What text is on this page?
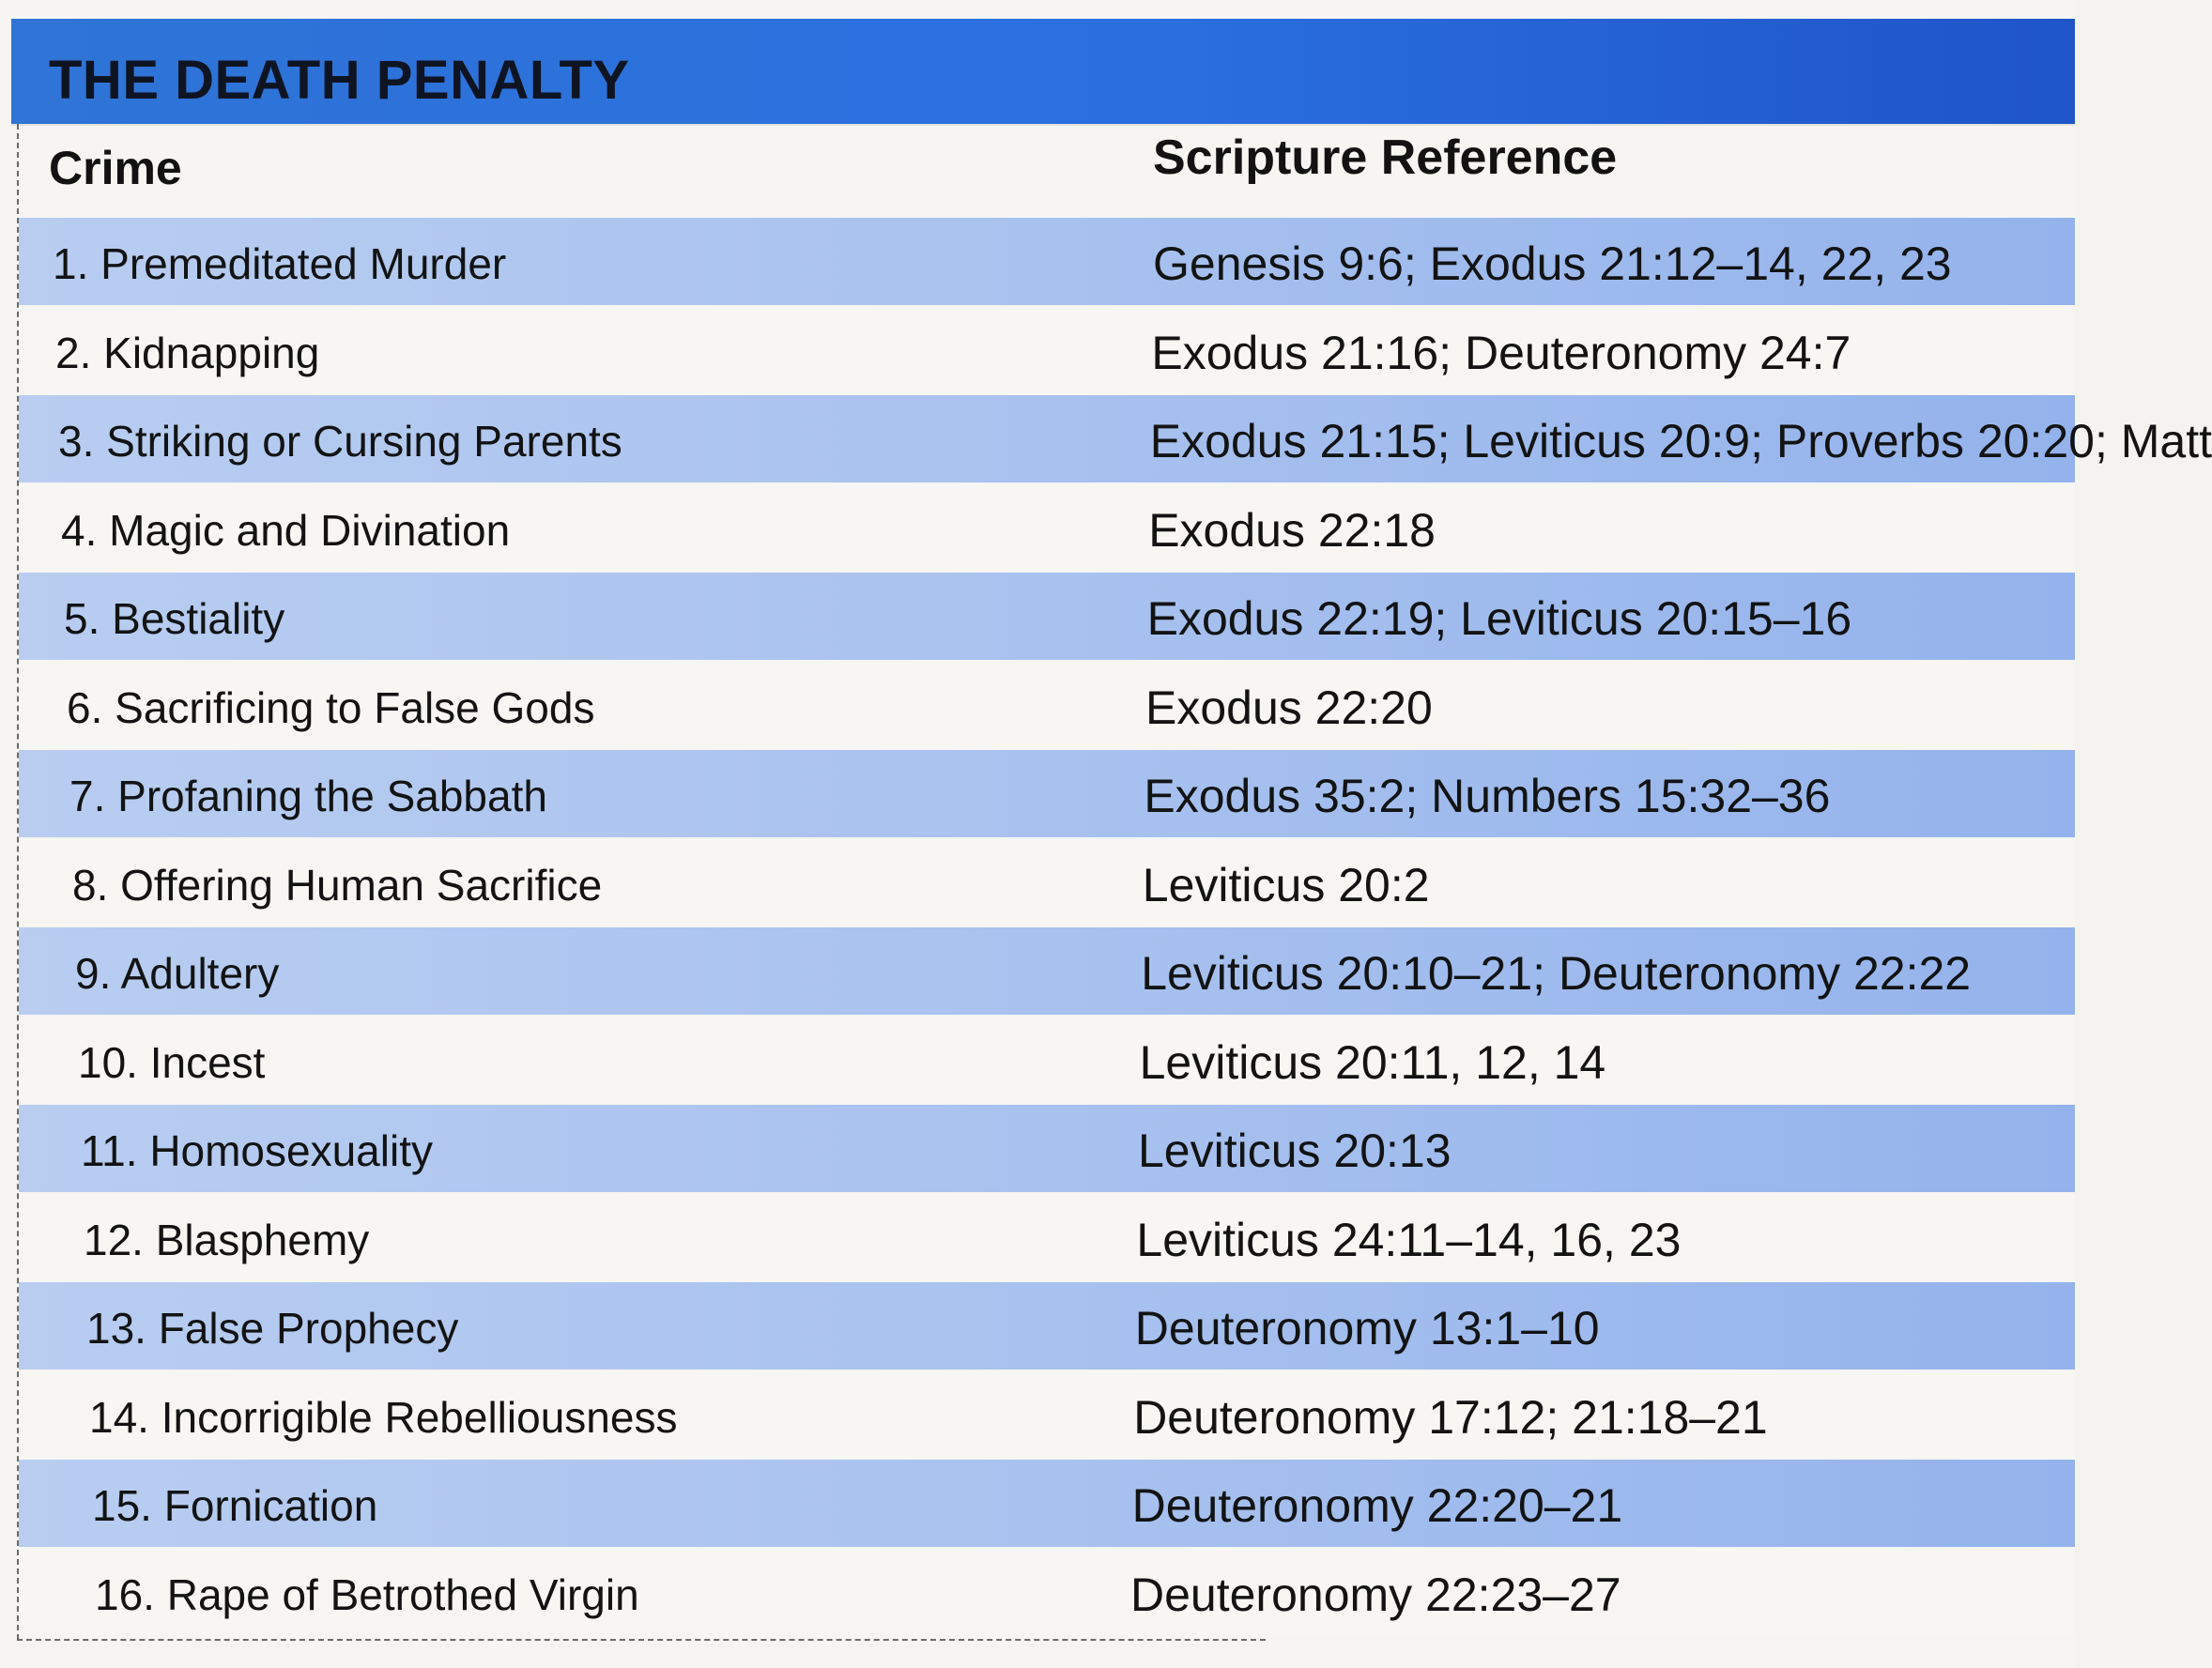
THE DEATH PENALTY
Crime	Scripture Reference
1. Premeditated Murder	Genesis 9:6; Exodus 21:12–14, 22, 23
2. Kidnapping	Exodus 21:16; Deuteronomy 24:7
3. Striking or Cursing Parents	Exodus 21:15; Leviticus 20:9; Proverbs 20:20; Matt
4. Magic and Divination	Exodus 22:18
5. Bestiality	Exodus 22:19; Leviticus 20:15–16
6. Sacrificing to False Gods	Exodus 22:20
7. Profaning the Sabbath	Exodus 35:2; Numbers 15:32–36
8. Offering Human Sacrifice	Leviticus 20:2
9. Adultery	Leviticus 20:10–21; Deuteronomy 22:22
10. Incest	Leviticus 20:11, 12, 14
11. Homosexuality	Leviticus 20:13
12. Blasphemy	Leviticus 24:11–14, 16, 23
13. False Prophecy	Deuteronomy 13:1–10
14. Incorrigible Rebelliousness	Deuteronomy 17:12; 21:18–21
15. Fornication	Deuteronomy 22:20–21
16. Rape of Betrothed Virgin	Deuteronomy 22:23–27
